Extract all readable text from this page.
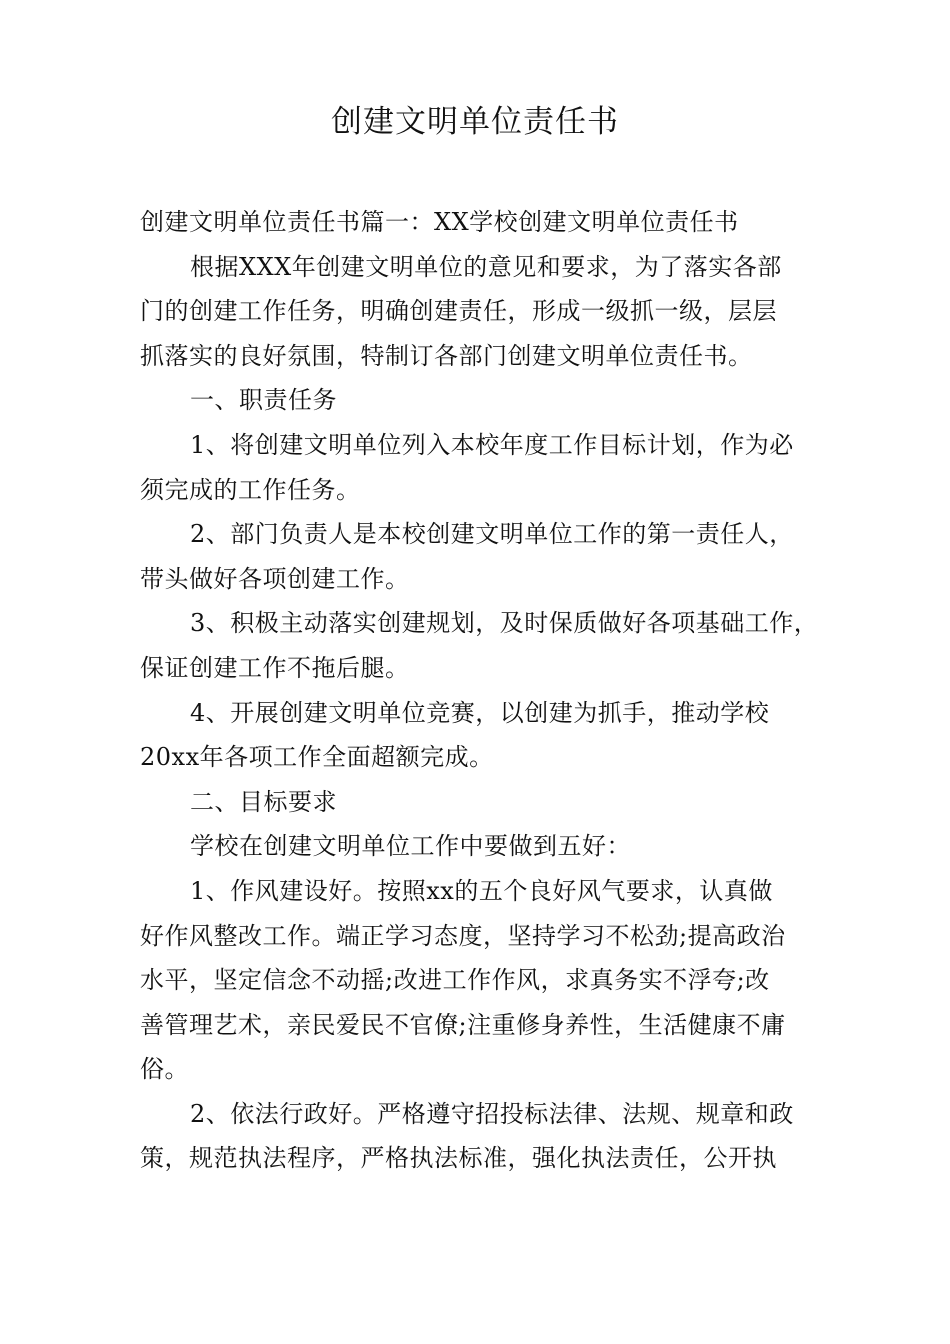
创建文明单位责任书
创建文明单位责任书篇一：XX学校创建文明单位责任书
根据XXX年创建文明单位的意见和要求，为了落实各部
门的创建工作任务，明确创建责任，形成一级抓一级，层层
抓落实的良好氛围，特制订各部门创建文明单位责任书。
一、职责任务
1、将创建文明单位列入本校年度工作目标计划，作为必
须完成的工作任务。
2、部门负责人是本校创建文明单位工作的第一责任人，
带头做好各项创建工作。
3、积极主动落实创建规划，及时保质做好各项基础工作，
保证创建工作不拖后腿。
4、开展创建文明单位竞赛，以创建为抓手，推动学校
20xx年各项工作全面超额完成。
二、目标要求
学校在创建文明单位工作中要做到五好：
1、作风建设好。按照xx的五个良好风气要求，认真做
好作风整改工作。端正学习态度，坚持学习不松劲;提高政治
水平，坚定信念不动摇;改进工作作风，求真务实不浮夸;改
善管理艺术，亲民爱民不官僚;注重修身养性，生活健康不庸
俗。
2、依法行政好。严格遵守招投标法律、法规、规章和政
策，规范执法程序，严格执法标准，强化执法责任，公开执
